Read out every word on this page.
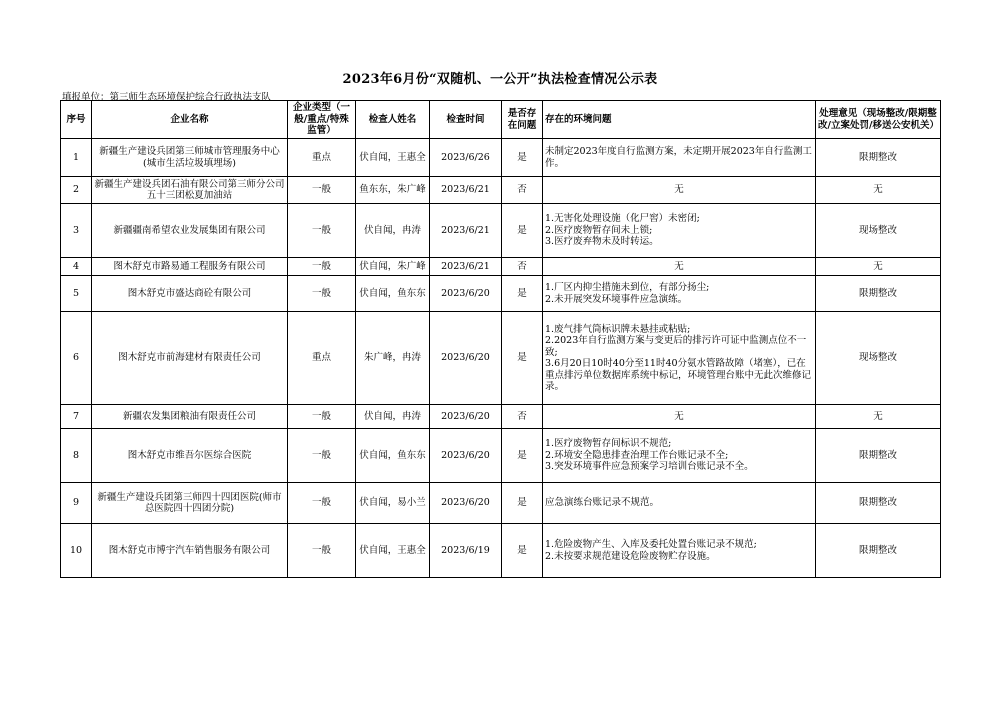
2023年6月份“双随机、一公开”执法检查情况公示表
填报单位：第三师生态环境保护综合行政执法支队
序号	企业名称	企业类型（一般/重点/特殊监管）	检查人姓名	检查时间	是否存在问题	存在的环境问题	处理意见（现场整改/限期整改/立案处罚/移送公安机关）
1	新疆生产建设兵团第三师城市管理服务中心(城市生活垃圾填埋场)	重点	伏自闻，王惠全	2023/6/26	是	未制定2023年度自行监测方案，未定期开展2023年自行监测工作。	限期整改
2	新疆生产建设兵团石油有限公司第三师分公司五十三团松夏加油站	一般	鱼东东，朱广峰	2023/6/21	否	无	无
3	新疆疆南希望农业发展集团有限公司	一般	伏自闻，冉涛	2023/6/21	是	1.无害化处理设施（化尸窖）未密闭;
2.医疗废物暂存间未上锁;
3.医疗废弃物未及时转运。	现场整改
4	图木舒克市路易通工程服务有限公司	一般	伏自闻，朱广峰	2023/6/21	否	无	无
5	图木舒克市盛达商砼有限公司	一般	伏自闻，鱼东东	2023/6/20	是	1.厂区内抑尘措施未到位，有部分扬尘;
2.未开展突发环境事件应急演练。	限期整改
6	图木舒克市前海建材有限责任公司	重点	朱广峰，冉涛	2023/6/20	是	1.废气排气筒标识牌未悬挂或粘贴;
2.2023年自行监测方案与变更后的排污许可证中监测点位不一致;
3.6月20日10时40分至11时40分氨水管路故障（堵塞），已在重点排污单位数据库系统中标记，环境管理台账中无此次维修记录。	现场整改
7	新疆农发集团粮油有限责任公司	一般	伏自闻，冉涛	2023/6/20	否	无	无
8	图木舒克市维吾尔医综合医院	一般	伏自闻，鱼东东	2023/6/20	是	1.医疗废物暂存间标识不规范;
2.环境安全隐患排查治理工作台账记录不全;
3.突发环境事件应急预案学习培训台账记录不全。	限期整改
9	新疆生产建设兵团第三师四十四团医院(师市总医院四十四团分院)	一般	伏自闻，易小兰	2023/6/20	是	应急演练台账记录不规范。	限期整改
10	图木舒克市博宇汽车销售服务有限公司	一般	伏自闻，王惠全	2023/6/19	是	1.危险废物产生、入库及委托处置台账记录不规范;
2.未按要求规范建设危险废物贮存设施。	限期整改
